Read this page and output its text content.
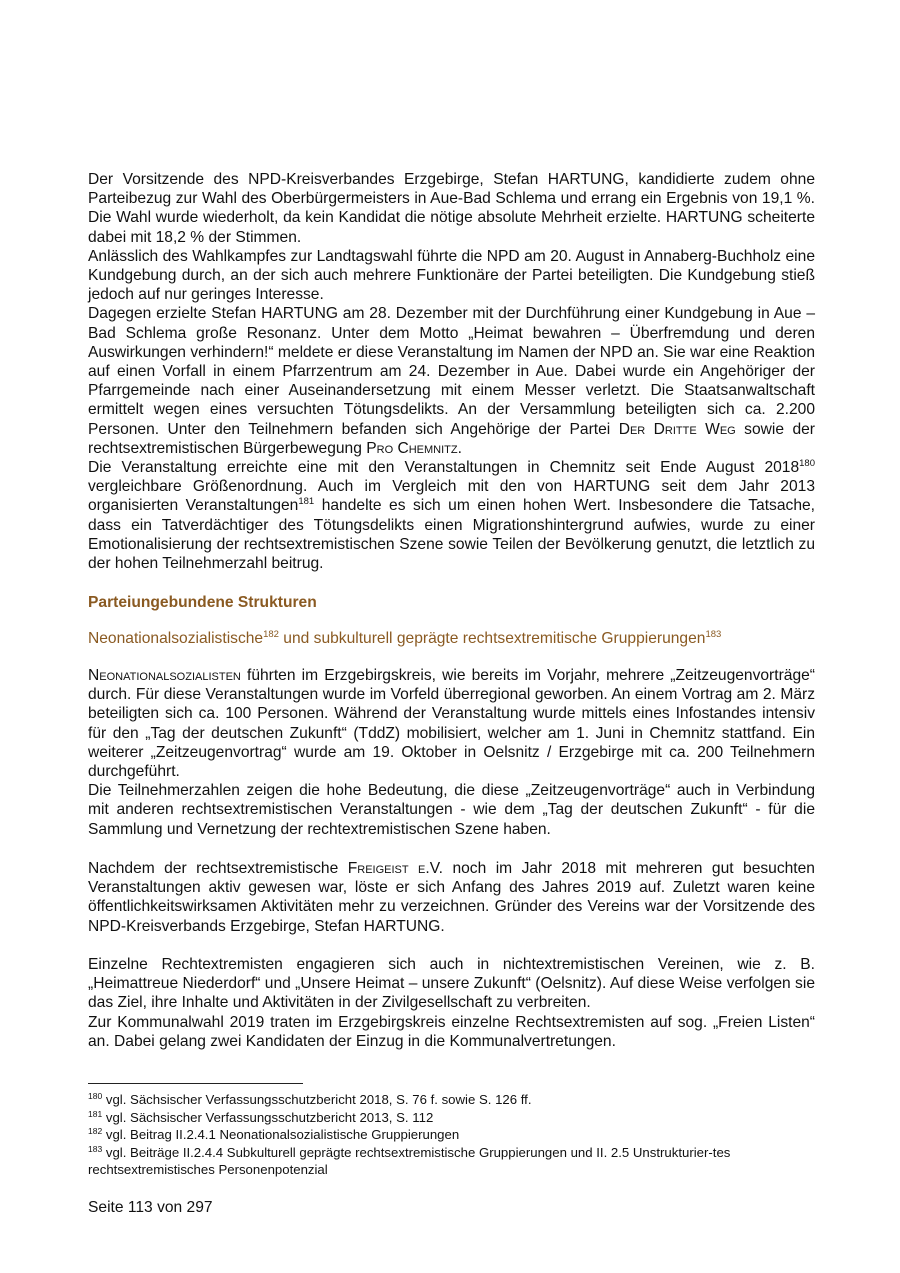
Der Vorsitzende des NPD-Kreisverbandes Erzgebirge, Stefan HARTUNG, kandidierte zudem ohne Parteibezug zur Wahl des Oberbürgermeisters in Aue-Bad Schlema und errang ein Ergebnis von 19,1 %. Die Wahl wurde wiederholt, da kein Kandidat die nötige absolute Mehrheit erzielte. HARTUNG scheiterte dabei mit 18,2 % der Stimmen.

Anlässlich des Wahlkampfes zur Landtagswahl führte die NPD am 20. August in Annaberg-Buchholz eine Kundgebung durch, an der sich auch mehrere Funktionäre der Partei beteiligten. Die Kundgebung stieß jedoch auf nur geringes Interesse.

Dagegen erzielte Stefan HARTUNG am 28. Dezember mit der Durchführung einer Kundgebung in Aue – Bad Schlema große Resonanz. Unter dem Motto „Heimat bewahren – Überfremdung und deren Auswirkungen verhindern!“ meldete er diese Veranstaltung im Namen der NPD an. Sie war eine Reaktion auf einen Vorfall in einem Pfarrzentrum am 24. Dezember in Aue. Dabei wurde ein Angehöriger der Pfarrgemeinde nach einer Auseinandersetzung mit einem Messer verletzt. Die Staatsanwaltschaft ermittelt wegen eines versuchten Tötungsdelikts. An der Versammlung beteiligten sich ca. 2.200 Personen. Unter den Teilnehmern befanden sich Angehörige der Partei Der Dritte Weg sowie der rechtsextremistischen Bürgerbewegung Pro Chemnitz.

Die Veranstaltung erreichte eine mit den Veranstaltungen in Chemnitz seit Ende August 2018$^{180}$ vergleichbare Größenordnung. Auch im Vergleich mit den von HARTUNG seit dem Jahr 2013 organisierten Veranstaltungen$^{181}$ handelte es sich um einen hohen Wert. Insbesondere die Tatsache, dass ein Tatverdächtiger des Tötungsdelikts einen Migrationshintergrund aufwies, wurde zu einer Emotionalisierung der rechtsextremistischen Szene sowie Teilen der Bevölkerung genutzt, die letztlich zu der hohen Teilnehmerzahl beitrug.

Parteiungebundene Strukturen

Neonationalsozialistische$^{182}$ und subkulturell geprägte rechtsextremitische Gruppierungen$^{183}$

Neonationalsozialisten führten im Erzgebirgskreis, wie bereits im Vorjahr, mehrere „Zeitzeugenvorträge“ durch. Für diese Veranstaltungen wurde im Vorfeld überregional geworben. An einem Vortrag am 2. März beteiligten sich ca. 100 Personen. Während der Veranstaltung wurde mittels eines Infostandes intensiv für den „Tag der deutschen Zukunft“ (TddZ) mobilisiert, welcher am 1. Juni in Chemnitz stattfand. Ein weiterer „Zeitzeugenvortrag“ wurde am 19. Oktober in Oelsnitz / Erzgebirge mit ca. 200 Teilnehmern durchgeführt.

Die Teilnehmerzahlen zeigen die hohe Bedeutung, die diese „Zeitzeugenvorträge“ auch in Verbindung mit anderen rechtsextremistischen Veranstaltungen - wie dem „Tag der deutschen Zukunft“ - für die Sammlung und Vernetzung der rechtextremistischen Szene haben.

Nachdem der rechtsextremistische Freigeist e.V. noch im Jahr 2018 mit mehreren gut besuchten Veranstaltungen aktiv gewesen war, löste er sich Anfang des Jahres 2019 auf. Zuletzt waren keine öffentlichkeitswirksamen Aktivitäten mehr zu verzeichnen. Gründer des Vereins war der Vorsitzende des NPD-Kreisverbands Erzgebirge, Stefan HARTUNG.

Einzelne Rechtextremisten engagieren sich auch in nichtextremistischen Vereinen, wie z. B. „Heimattreue Niederdorf“ und „Unsere Heimat – unsere Zukunft“ (Oelsnitz). Auf diese Weise verfolgen sie das Ziel, ihre Inhalte und Aktivitäten in der Zivilgesellschaft zu verbreiten.

Zur Kommunalwahl 2019 traten im Erzgebirgskreis einzelne Rechtsextremisten auf sog. „Freien Listen“ an. Dabei gelang zwei Kandidaten der Einzug in die Kommunalvertretungen.

$^{180}$ vgl. Sächsischer Verfassungsschutzbericht 2018, S. 76 f. sowie S. 126 ff.

$^{181}$ vgl. Sächsischer Verfassungsschutzbericht 2013, S. 112

$^{182}$ vgl. Beitrag II.2.4.1 Neonationalsozialistische Gruppierungen

$^{183}$ vgl. Beiträge II.2.4.4 Subkulturell geprägte rechtsextremistische Gruppierungen und II. 2.5 Unstrukturier-tes rechtsextremistisches Personenpotenzial

Seite 113 von 297
